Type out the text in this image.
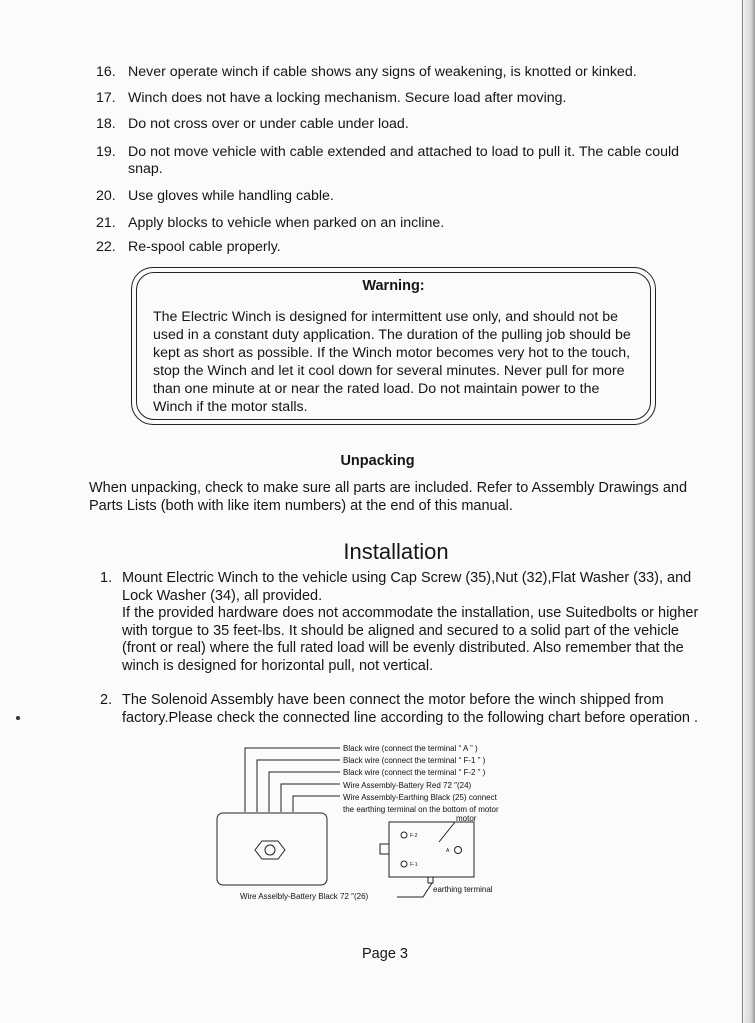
16. Never operate winch if cable shows any signs of weakening, is knotted or kinked.
17. Winch does not have a locking mechanism. Secure load after moving.
18. Do not cross over or under cable under load.
19. Do not move vehicle with cable extended and attached to load to pull it. The cable could snap.
20. Use gloves while handling cable.
21. Apply blocks to vehicle when parked on an incline.
22. Re-spool cable properly.
Warning:
The Electric Winch is designed for intermittent use only, and should not be used in a constant duty application. The duration of the pulling job should be kept as short as possible. If the Winch motor becomes very hot to the touch, stop the Winch and let it cool down for several minutes. Never pull for more than one minute at or near the rated load. Do not maintain power to the Winch if the motor stalls.
Unpacking
When unpacking, check to make sure all parts are included. Refer to Assembly Drawings and Parts Lists (both with like item numbers) at the end of this manual.
Installation
1. Mount Electric Winch to the vehicle using Cap Screw (35),Nut (32),Flat Washer (33), and Lock Washer (34), all provided.
If the provided hardware does not accommodate the installation, use Suitedbolts or higher with torgue to 35 feet-lbs. It should be aligned and secured to a solid part of the vehicle (front or real) where the full rated load will be evenly distributed. Also remember that the winch is designed for horizontal pull, not vertical.
2. The Solenoid Assembly have been connect the motor before the winch shipped from factory.Please check the connected line according to the following chart before operation .
Black wire (connect the terminal “ A ” )
Black wire (connect the terminal “ F-1 ” )
Black wire (connect the terminal “ F-2 ” )
Wire Assembly-Battery Red 72 ″(24)
Wire Assembly-Earthing Black (25) connect
the earthing terminal on the bottom of motor
motor
F-2
F-1
A
Wire Asselbly-Battery Black 72 ″(26)
earthing terminal
Page 3
